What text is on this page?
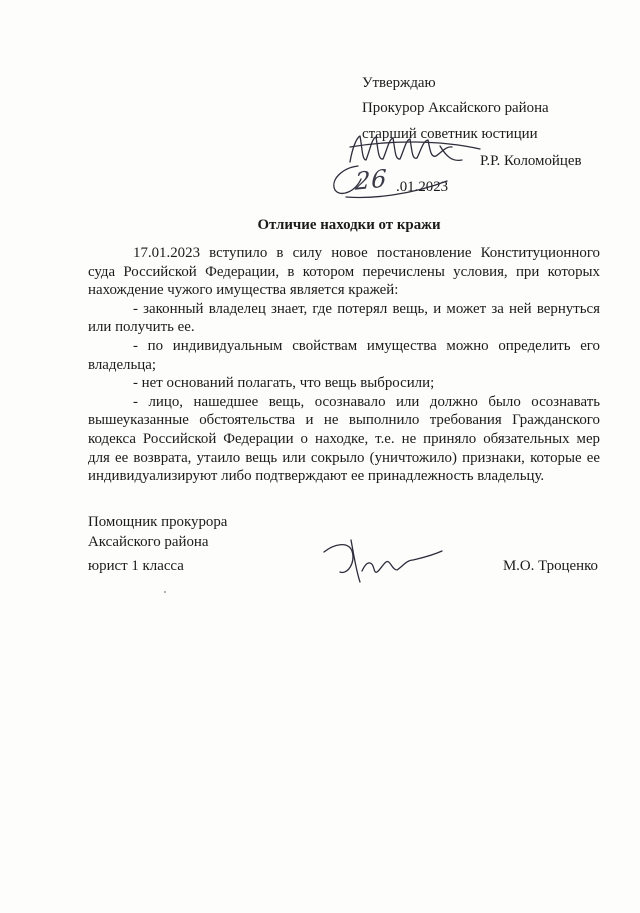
Утверждаю
Прокурор Аксайского района
старший советник юстиции
Р.Р. Коломойцев
26 .01.2023
Отличие находки от кражи
17.01.2023 вступило в силу новое постановление Конституционного
суда Российской Федерации, в котором перечислены условия, при которых
нахождение чужого имущества является кражей:
- законный владелец знает, где потерял вещь, и может за ней вернуться
или получить ее.
- по индивидуальным свойствам имущества можно определить его
владельца;
- нет оснований полагать, что вещь выбросили;
- лицо, нашедшее вещь, осознавало или должно было осознавать
вышеуказанные обстоятельства и не выполнило требования Гражданского
кодекса Российской Федерации о находке, т.е. не приняло обязательных мер
для ее возврата, утаило вещь или сокрыло (уничтожило) признаки, которые ее
индивидуализируют либо подтверждают ее принадлежность владельцу.
Помощник прокурора
Аксайского района
юрист 1 класса	М.О. Троценко
